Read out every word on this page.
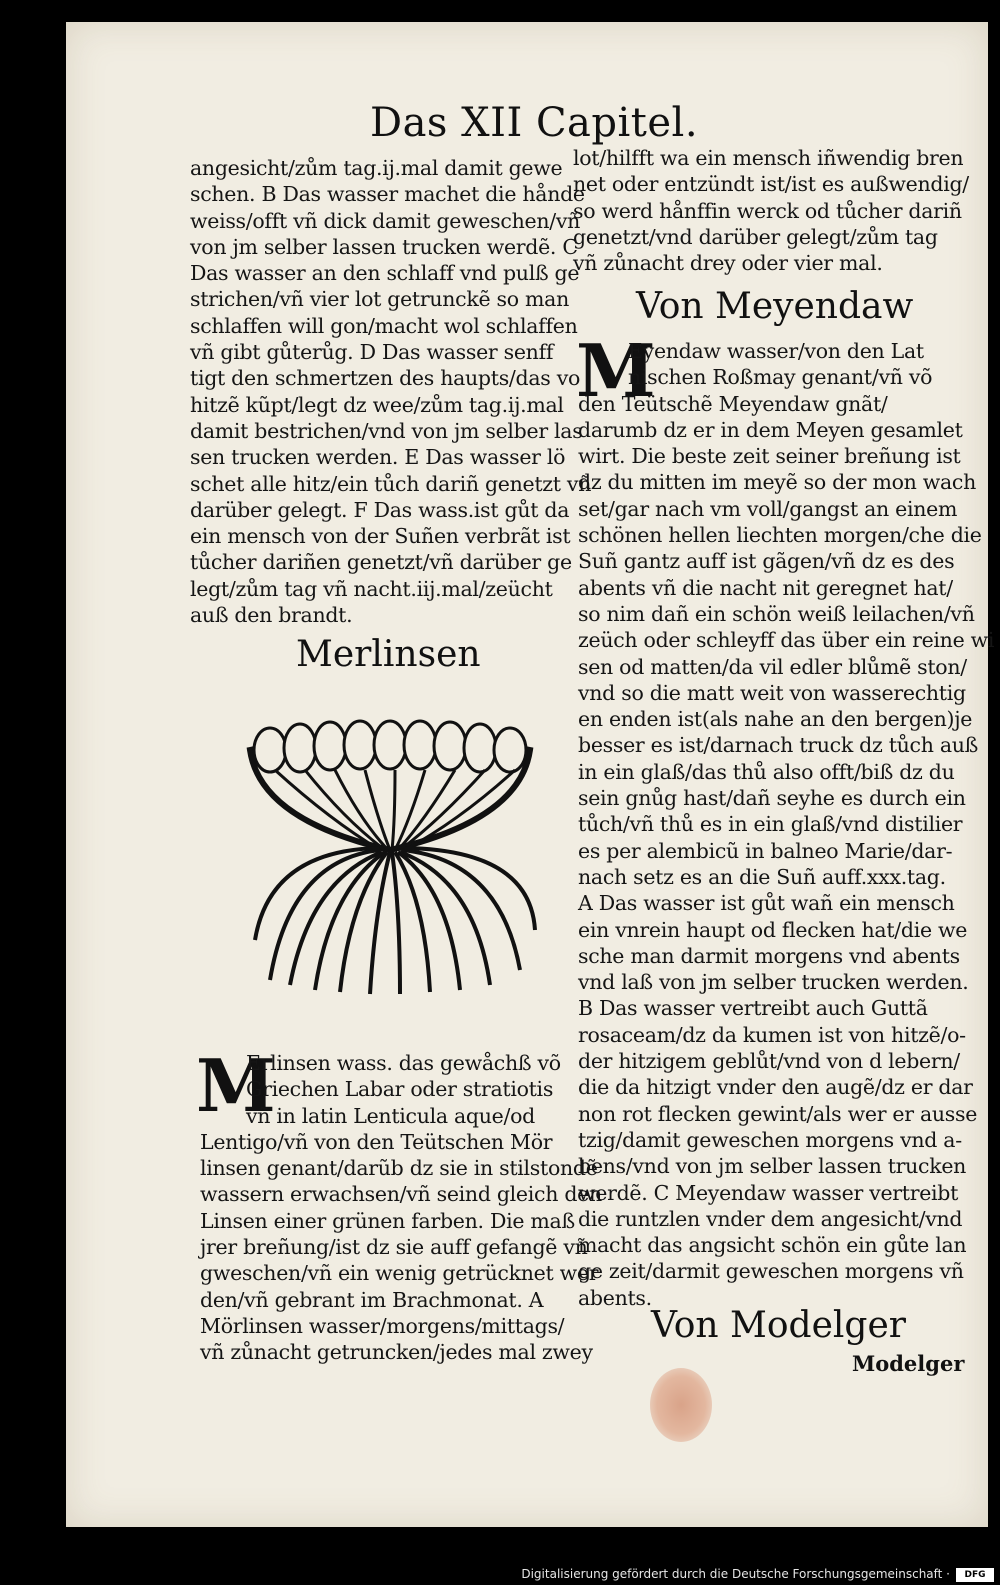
Das XII Capitel.
angesicht/zům tag.ij.mal damit gewe
schen. B Das wasser machet die hånde
weiss/offt vñ dick damit geweschen/vñ
von jm selber lassen trucken werdẽ. C
Das wasser an den schlaff vnd pulß ge
strichen/vñ vier lot getrunckẽ so man
schlaffen will gon/macht wol schlaffen
vñ gibt gůterůg. D Das wasser senff
tigt den schmertzen des haupts/das vo
hitzẽ kũpt/legt dz wee/zům tag.ij.mal
damit bestrichen/vnd von jm selber las
sen trucken werden. E Das wasser lö
schet alle hitz/ein tůch dariñ genetzt vñ
darüber gelegt. F Das wass.ist gůt da
ein mensch von der Suñen verbrãt ist
tůcher dariñen genetzt/vñ darüber ge
legt/zům tag vñ nacht.iij.mal/zeücht
auß den brandt.
Merlinsen
M
Erlinsen wass. das gewåchß võ
Griechen Labar oder stratiotis
vñ in latin Lenticula aque/od
Lentigo/vñ von den Teütschen Mör
linsen genant/darũb dz sie in stilstondẽ
wassern erwachsen/vñ seind gleich den
Linsen einer grünen farben. Die maß
jrer breñung/ist dz sie auff gefangẽ vñ
gweschen/vñ ein wenig getrücknet wer
den/vñ gebrant im Brachmonat. A
Mörlinsen wasser/morgens/mittags/
vñ zůnacht getruncken/jedes mal zwey
lot/hilfft wa ein mensch iñwendig bren
net oder entzündt ist/ist es außwendig/
so werd hånffin werck od tůcher dariñ
genetzt/vnd darüber gelegt/zům tag
vñ zůnacht drey oder vier mal.
Von Meyendaw
M
Eyendaw wasser/von den Lat
nischen Roßmay genant/vñ võ
den Teütschẽ Meyendaw gnãt/
darumb dz er in dem Meyen gesamlet
wirt. Die beste zeit seiner breñung ist
dz du mitten im meyẽ so der mon wach
set/gar nach vm voll/gangst an einem
schönen hellen liechten morgen/che die
Suñ gantz auff ist gãgen/vñ dz es des
abents vñ die nacht nit geregnet hat/
so nim dañ ein schön weiß leilachen/vñ
zeüch oder schleyff das über ein reine wi
sen od matten/da vil edler blůmẽ ston/
vnd so die matt weit von wasserechtig
en enden ist(als nahe an den bergen)je
besser es ist/darnach truck dz tůch auß
in ein glaß/das thů also offt/biß dz du
sein gnůg hast/dañ seyhe es durch ein
tůch/vñ thů es in ein glaß/vnd distilier
es per alembicũ in balneo Marie/dar-
nach setz es an die Suñ auff.xxx.tag.
A Das wasser ist gůt wañ ein mensch
ein vnrein haupt od flecken hat/die we
sche man darmit morgens vnd abents
vnd laß von jm selber trucken werden.
B Das wasser vertreibt auch Guttã
rosaceam/dz da kumen ist von hitzẽ/o-
der hitzigem geblůt/vnd von d lebern/
die da hitzigt vnder den augẽ/dz er dar
non rot flecken gewint/als wer er ausse
tzig/damit geweschen morgens vnd a-
bens/vnd von jm selber lassen trucken
werdẽ. C Meyendaw wasser vertreibt
die runtzlen vnder dem angesicht/vnd
macht das angsicht schön ein gůte lan
ge zeit/darmit geweschen morgens vñ
abents.
Von Modelger
Modelger
Digitalisierung gefördert durch die Deutsche Forschungsgemeinschaft ·	DFG
